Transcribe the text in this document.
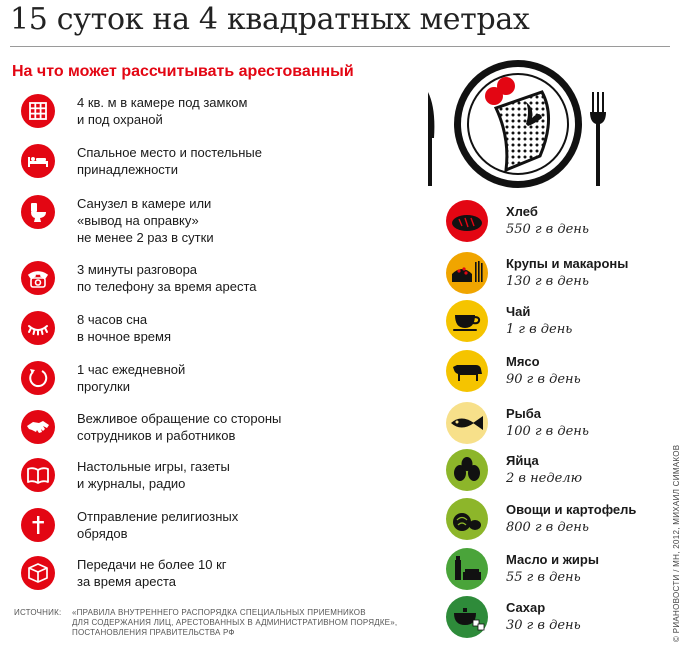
15 суток на 4 квадратных метрах
На что может рассчитывать арестованный
4 кв. м в камере под замком
и под охраной
Спальное место и постельные
принадлежности
Санузел в камере или
«вывод на оправку»
не менее 2 раз в сутки
3 минуты разговора
по телефону за время ареста
8 часов сна
в ночное время
1 час ежедневной
прогулки
Вежливое обращение со стороны
сотрудников и работников
Настольные игры, газеты
и журналы, радио
Отправление религиозных
обрядов
Передачи не более 10 кг
за время ареста
ИСТОЧНИК: «ПРАВИЛА ВНУТРЕННЕГО РАСПОРЯДКА СПЕЦИАЛЬНЫХ ПРИЕМНИКОВ
ДЛЯ СОДЕРЖАНИЯ ЛИЦ, АРЕСТОВАННЫХ В АДМИНИСТРАТИВНОМ ПОРЯДКЕ»,
ПОСТАНОВЛЕНИЯ ПРАВИТЕЛЬСТВА РФ
Хлеб
550 г в день
Крупы и макароны
130 г в день
Чай
1 г в день
Мясо
90 г в день
Рыба
100 г в день
Яйца
2 в неделю
Овощи и картофель
800 г в день
Масло и жиры
55 г в день
Сахар
30 г в день	© РИАНОВОСТИ / МН, 2012, МИХАИЛ СИМАКОВ
